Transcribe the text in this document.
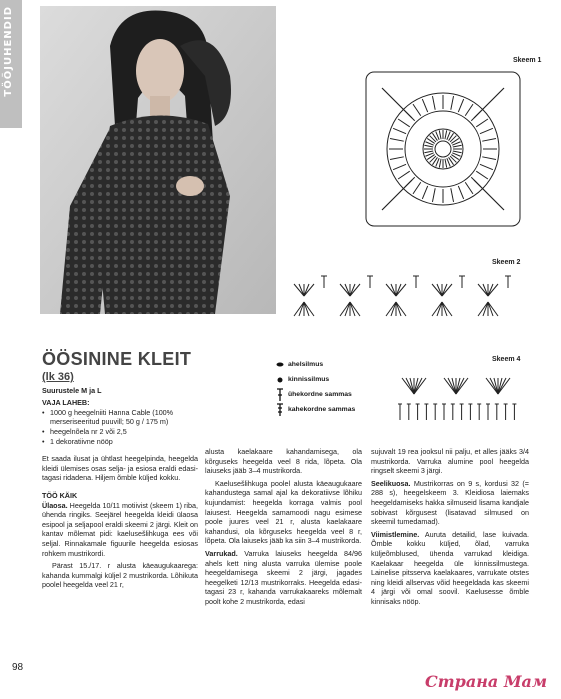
TÖÖJUHENDID	Skeem 1
Skeem 2
Skeem 4
ahelsilmus
kinnissilmus
ühekordne sammas
kahekordne sammas
ÖÖSININE KLEIT

(lk 36)

Suurustele M ja L

VAJA LAHEB:

• 1000 g heegelniiti Hanna Cable (100% merseriseeritud puuvill; 50 g / 175 m)
• heegelnõela nr 2 või 2,5
• 1 dekoratiivne nööp

Et saada ilusat ja ühtlast heegelpinda, heegelda kleidi ülemises osas selja- ja esiosa eraldi edasi-tagasi ridadena. Hiljem õmble küljed kokku.

TÖÖ KÄIK

Ülaosa. Heegelda 10/11 motiivist (skeem 1) riba, ühenda ringiks. Seejärel heegelda kleidi ülaosa esipool ja seljapool eraldi skeemi 2 järgi. Kleit on kantav mõlemat pidi: kaelusešlihkuga ees või seljal. Rinnakamale figuurile heegelda esiosas rohkem mustrikordi.

Pärast 15./17. r alusta käeaugukaarega: kahanda kummalgi küljel 2 mustrikorda. Lõhikuta poolel heegelda veel 21 r,

alusta kaelakaare kahandamisega, ola kõrguseks heegelda veel 8 rida, lõpeta. Ola laiuseks jääb 3–4 mustrikorda.

Kaelusešlihkuga poolel alusta käeaugukaare kahandustega samal ajal ka dekoratiivse lõhiku kujundamist: heegelda korraga valmis pool laiusest. Heegelda samamoodi nagu esimese poole juures veel 21 r, alusta kaelakaare kahandusi, ola kõrguseks heegelda veel 8 r, lõpeta. Ola laiuseks jääb ka siin 3–4 mustrikorda.

Varrukad. Varruka laiuseks heegelda 84/96 ahels kett ning alusta varruka ülemise poole heegeldamisega skeemi 2 järgi, jagades heegelketi 12/13 mustrikorraks. Heegelda edasi-tagasi 23 r, kahanda varrukakaareks mõlemalt poolt kohe 2 mustrikorda, edasi

sujuvalt 19 rea jooksul nii palju, et alles jääks 3/4 mustrikorda. Varruka alumine pool heegelda ringselt skeemi 3 järgi.

Seelikuosa. Mustrikorras on 9 s, kordusi 32 (= 288 s), heegelskeem 3. Kleidiosa laiemaks heegeldamiseks hakka silmuseid lisama kandjale sobivast kõrgusest (lisatavad silmused on skeemil tumedamad).

Viimistlemine. Auruta detailid, lase kuivada. Õmble kokku küljed, õlad, varruka küljeõmblused, ühenda varrukad kleidiga. Kaelakaar heegelda üle kinnissilmustega. Lainelise pitsserva kaelakaares, varrukate otstes ning kleidi allservas võid heegeldada kas skeemi 4 järgi või omal soovil. Kaelusesse õmble kinnisaks nööp.

98
Страна Мам
